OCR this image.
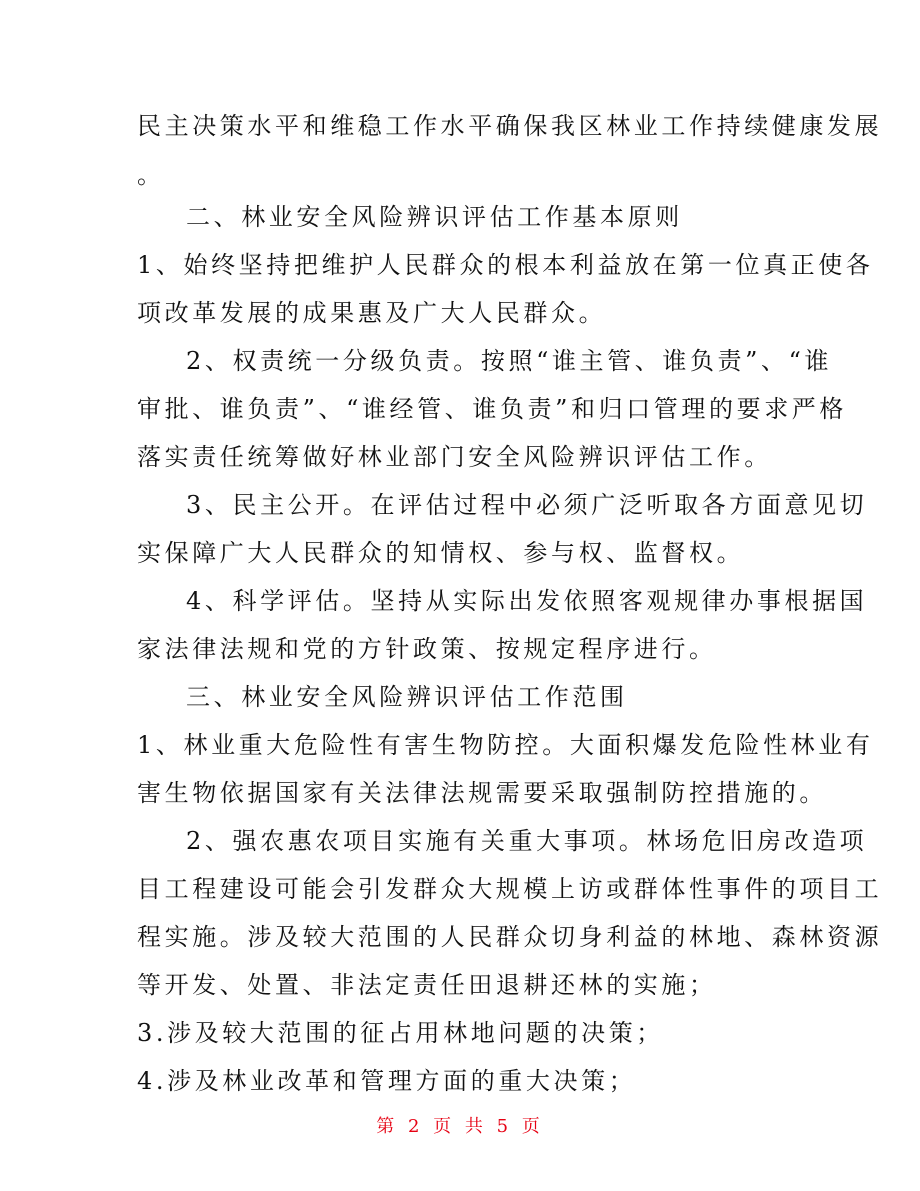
民主决策水平和维稳工作水平确保我区林业工作持续健康发展
。
二、林业安全风险辨识评估工作基本原则
1、始终坚持把维护人民群众的根本利益放在第一位真正使各
项改革发展的成果惠及广大人民群众。
2、权责统一分级负责。按照“谁主管、谁负责”、“谁
审批、谁负责”、“谁经管、谁负责”和归口管理的要求严格
落实责任统筹做好林业部门安全风险辨识评估工作。
3、民主公开。在评估过程中必须广泛听取各方面意见切
实保障广大人民群众的知情权、参与权、监督权。
4、科学评估。坚持从实际出发依照客观规律办事根据国
家法律法规和党的方针政策、按规定程序进行。
三、林业安全风险辨识评估工作范围
1、林业重大危险性有害生物防控。大面积爆发危险性林业有
害生物依据国家有关法律法规需要采取强制防控措施的。
2、强农惠农项目实施有关重大事项。林场危旧房改造项
目工程建设可能会引发群众大规模上访或群体性事件的项目工
程实施。涉及较大范围的人民群众切身利益的林地、森林资源
等开发、处置、非法定责任田退耕还林的实施；
3.涉及较大范围的征占用林地问题的决策；
4.涉及林业改革和管理方面的重大决策；
第 2 页 共 5 页
